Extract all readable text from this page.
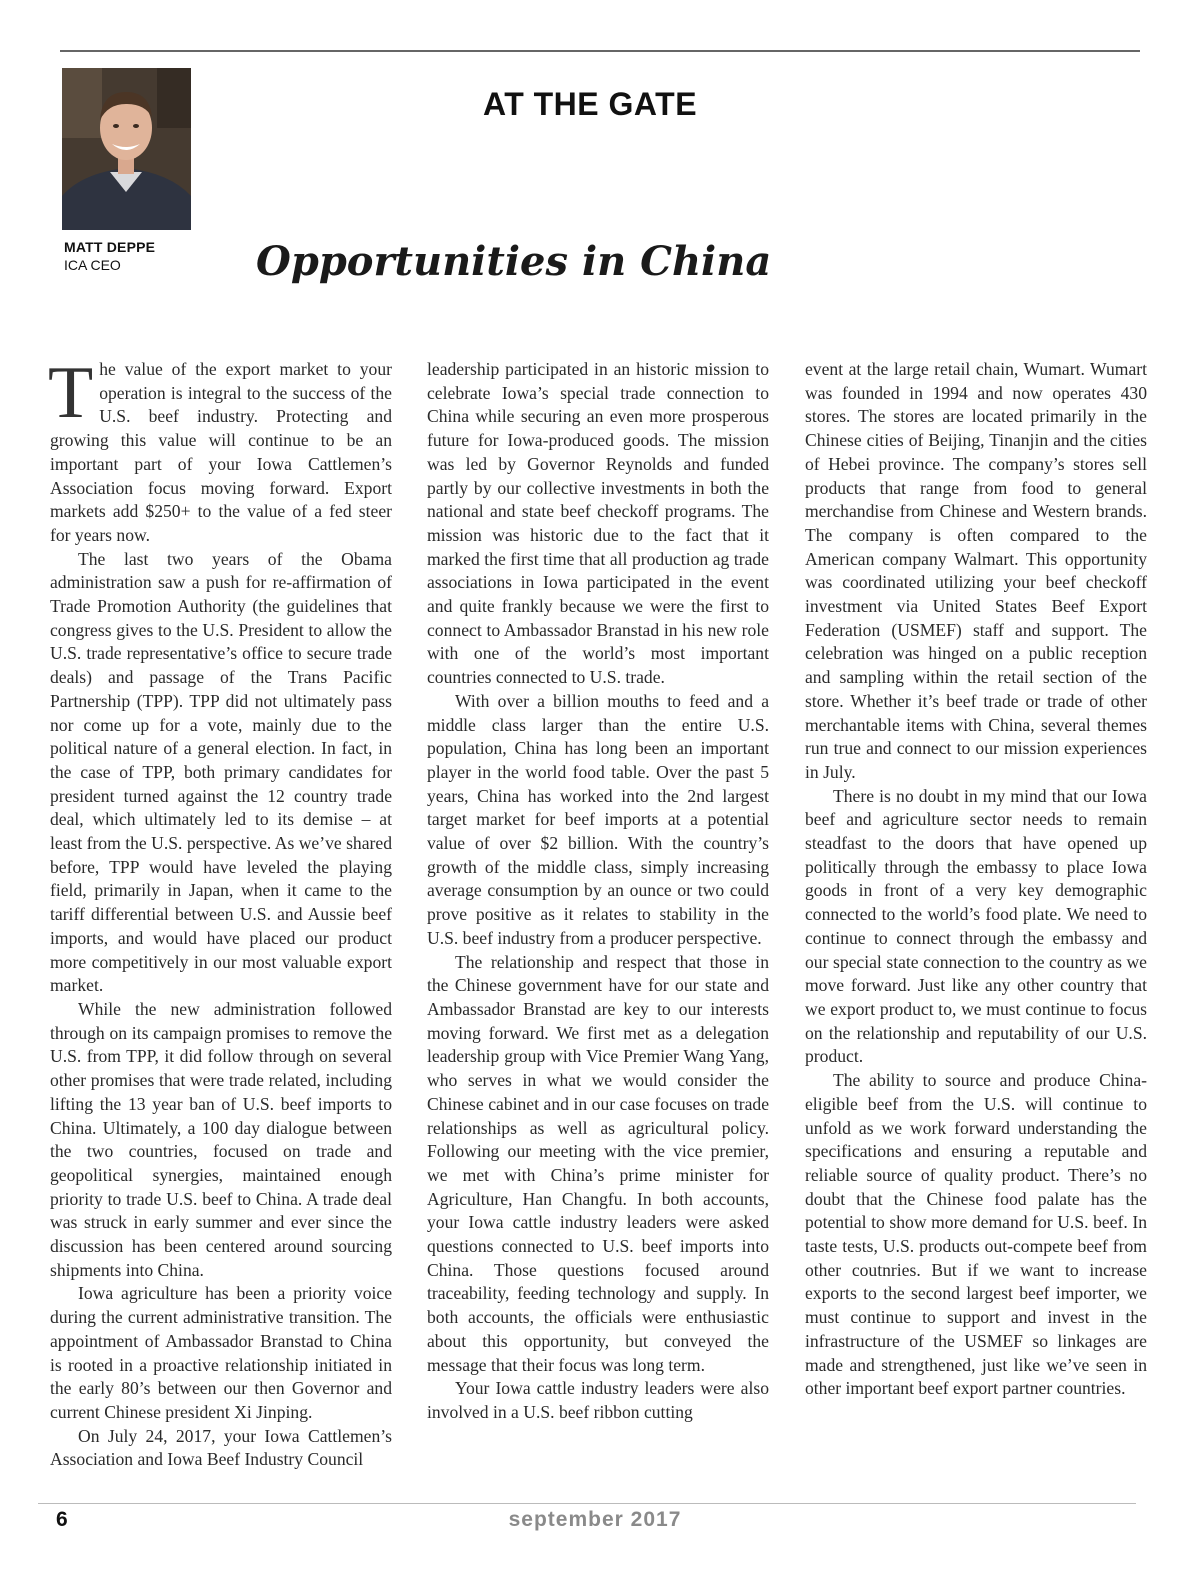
MATT DEPPE
ICA CEO
AT THE GATE
Opportunities in China

The value of the export market to your operation is integral to the success of the U.S. beef industry. Protecting and growing this value will continue to be an important part of your Iowa Cattlemen’s Association focus moving forward. Export markets add $250+ to the value of a fed steer for years now.

The last two years of the Obama administration saw a push for re-affirmation of Trade Promotion Authority (the guidelines that congress gives to the U.S. President to allow the U.S. trade representative’s office to secure trade deals) and passage of the Trans Pacific Partnership (TPP). TPP did not ultimately pass nor come up for a vote, mainly due to the political nature of a general election. In fact, in the case of TPP, both primary candidates for president turned against the 12 country trade deal, which ultimately led to its demise – at least from the U.S. perspective. As we’ve shared before, TPP would have leveled the playing field, primarily in Japan, when it came to the tariff differential between U.S. and Aussie beef imports, and would have placed our product more competitively in our most valuable export market.

While the new administration followed through on its campaign promises to remove the U.S. from TPP, it did follow through on several other promises that were trade related, including lifting the 13 year ban of U.S. beef imports to China. Ultimately, a 100 day dialogue between the two countries, focused on trade and geopolitical synergies, maintained enough priority to trade U.S. beef to China. A trade deal was struck in early summer and ever since the discussion has been centered around sourcing shipments into China.

Iowa agriculture has been a priority voice during the current administrative transition. The appointment of Ambassador Branstad to China is rooted in a proactive relationship initiated in the early 80’s between our then Governor and current Chinese president Xi Jinping.

On July 24, 2017, your Iowa Cattlemen’s Association and Iowa Beef Industry Council

leadership participated in an historic mission to celebrate Iowa’s special trade connection to China while securing an even more prosperous future for Iowa-produced goods. The mission was led by Governor Reynolds and funded partly by our collective investments in both the national and state beef checkoff programs. The mission was historic due to the fact that it marked the first time that all production ag trade associations in Iowa participated in the event and quite frankly because we were the first to connect to Ambassador Branstad in his new role with one of the world’s most important countries connected to U.S. trade.

With over a billion mouths to feed and a middle class larger than the entire U.S. population, China has long been an important player in the world food table. Over the past 5 years, China has worked into the 2nd largest target market for beef imports at a potential value of over $2 billion. With the country’s growth of the middle class, simply increasing average consumption by an ounce or two could prove positive as it relates to stability in the U.S. beef industry from a producer perspective.

The relationship and respect that those in the Chinese government have for our state and Ambassador Branstad are key to our interests moving forward. We first met as a delegation leadership group with Vice Premier Wang Yang, who serves in what we would consider the Chinese cabinet and in our case focuses on trade relationships as well as agricultural policy. Following our meeting with the vice premier, we met with China’s prime minister for Agriculture, Han Changfu. In both accounts, your Iowa cattle industry leaders were asked questions connected to U.S. beef imports into China. Those questions focused around traceability, feeding technology and supply. In both accounts, the officials were enthusiastic about this opportunity, but conveyed the message that their focus was long term.

Your Iowa cattle industry leaders were also involved in a U.S. beef ribbon cutting

event at the large retail chain, Wumart. Wumart was founded in 1994 and now operates 430 stores. The stores are located primarily in the Chinese cities of Beijing, Tinanjin and the cities of Hebei province. The company’s stores sell products that range from food to general merchandise from Chinese and Western brands. The company is often compared to the American company Walmart. This opportunity was coordinated utilizing your beef checkoff investment via United States Beef Export Federation (USMEF) staff and support. The celebration was hinged on a public reception and sampling within the retail section of the store. Whether it’s beef trade or trade of other merchantable items with China, several themes run true and connect to our mission experiences in July.

There is no doubt in my mind that our Iowa beef and agriculture sector needs to remain steadfast to the doors that have opened up politically through the embassy to place Iowa goods in front of a very key demographic connected to the world’s food plate. We need to continue to connect through the embassy and our special state connection to the country as we move forward. Just like any other country that we export product to, we must continue to focus on the relationship and reputability of our U.S. product.

The ability to source and produce China-eligible beef from the U.S. will continue to unfold as we work forward understanding the specifications and ensuring a reputable and reliable source of quality product. There’s no doubt that the Chinese food palate has the potential to show more demand for U.S. beef. In taste tests, U.S. products out-compete beef from other coutnries. But if we want to increase exports to the second largest beef importer, we must continue to support and invest in the infrastructure of the USMEF so linkages are made and strengthened, just like we’ve seen in other important beef export partner countries.

6	september 2017
